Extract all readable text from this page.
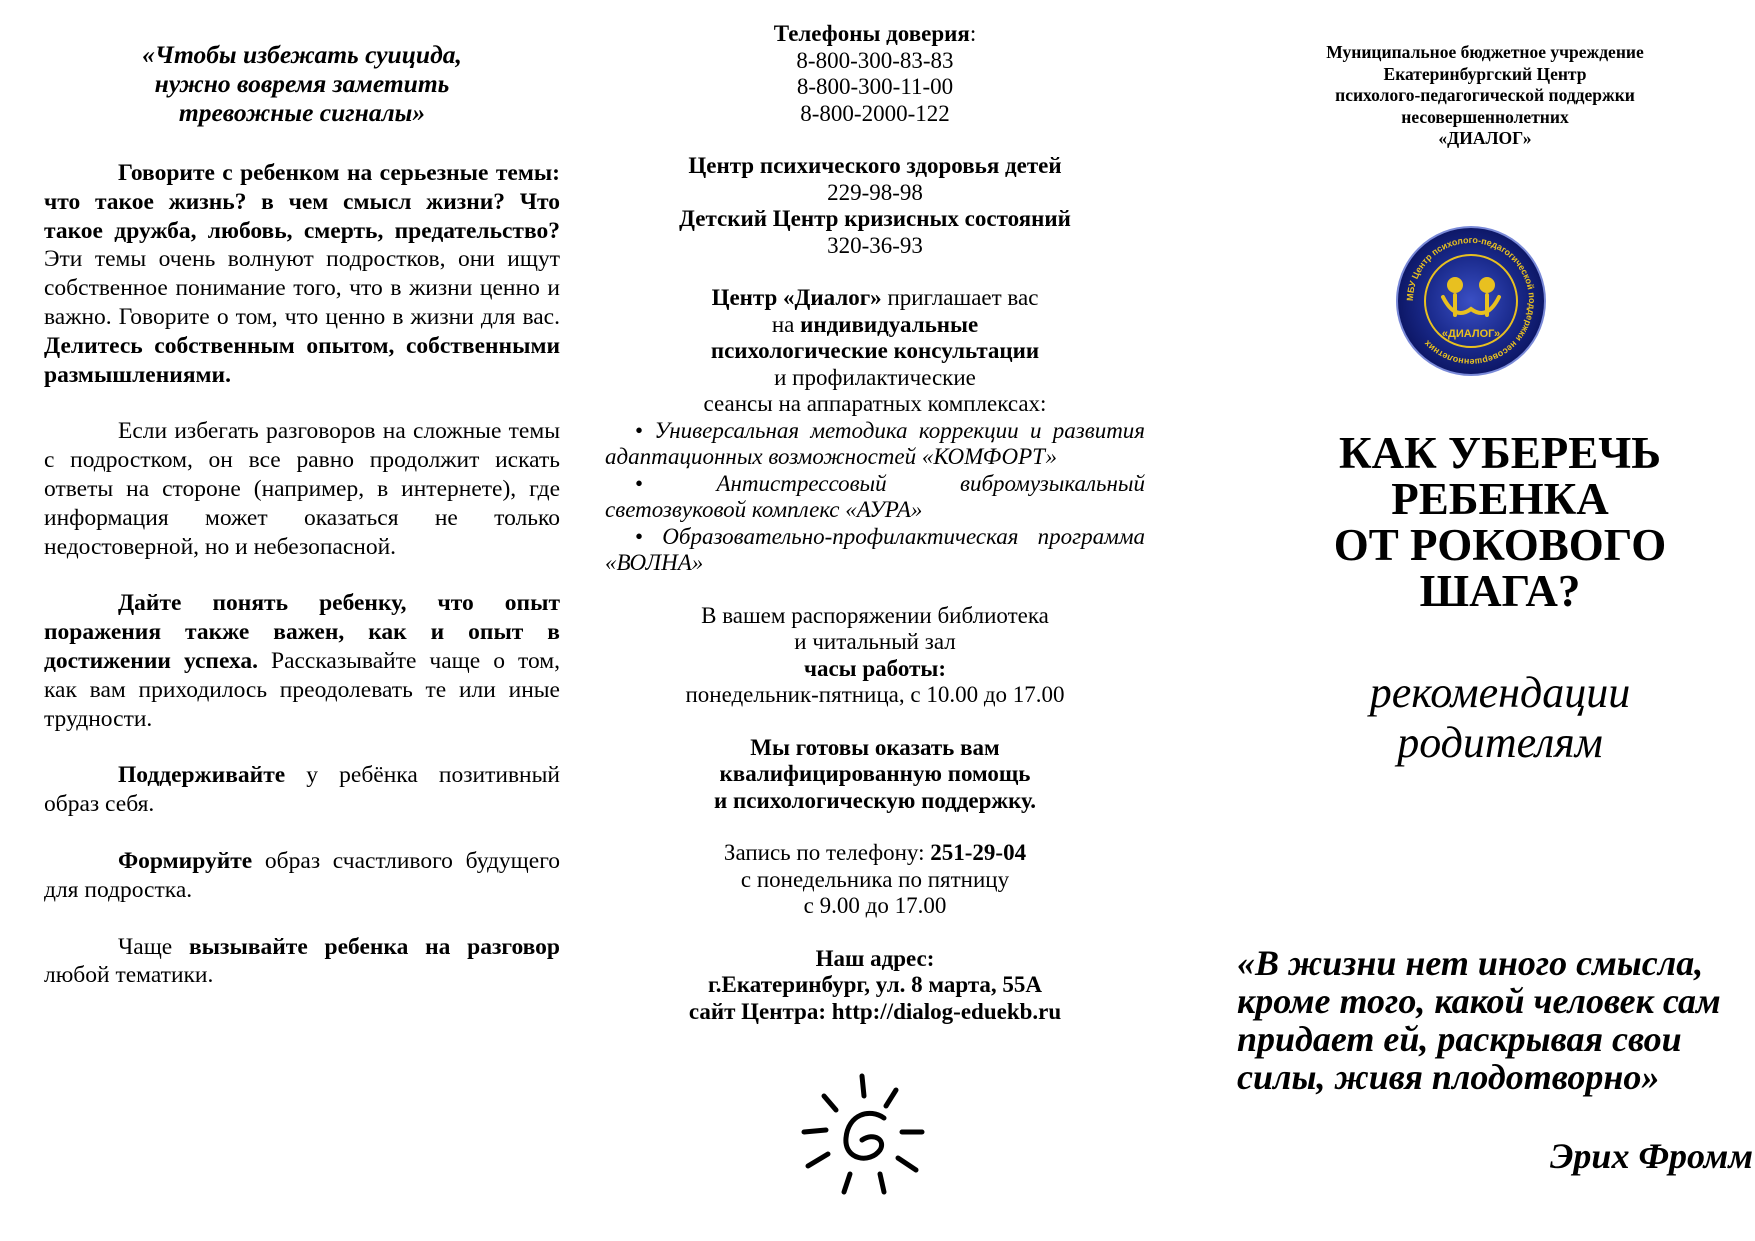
«Чтобы избежать суицида,
нужно вовремя заметить
тревожные сигналы»

Говорите с ребенком на серьезные темы: что такое жизнь? в чем смысл жизни? Что такое дружба, любовь, смерть, предательство? Эти темы очень волнуют подростков, они ищут собственное понимание того, что в жизни ценно и важно. Говорите о том, что ценно в жизни для вас. Делитесь собственным опытом, собственными размышлениями.

Если избегать разговоров на сложные темы с подростком, он все равно продолжит искать ответы на стороне (например, в интернете), где информация может оказаться не только недостоверной, но и небезопасной.

Дайте понять ребенку, что опыт поражения также важен, как и опыт в достижении успеха. Рассказывайте чаще о том, как вам приходилось преодолевать те или иные трудности.

Поддерживайте у ребёнка позитивный образ себя.

Формируйте образ счастливого будущего для подростка.

Чаще вызывайте ребенка на разговор любой тематики.

Телефоны доверия:

8-800-300-83-83

8-800-300-11-00

8-800-2000-122

Центр психического здоровья детей

229-98-98

Детский Центр кризисных состояний

320-36-93

Центр «Диалог» приглашает вас

на индивидуальные

психологические консультации

и профилактические

сеансы на аппаратных комплексах:

• Универсальная методика коррекции и развития адаптационных возможностей «КОМФОРТ»
•	Антистрессовый вибромузыкальный светозвуковой комплекс «АУРА»
• Образовательно-профилактическая программа «ВОЛНА»

В вашем распоряжении библиотека

и читальный зал

часы работы:

понедельник-пятница, с 10.00 до 17.00

Мы готовы оказать вам

квалифицированную помощь

и психологическую поддержку.

Запись по телефону: 251-29-04

с понедельника по пятницу

с 9.00 до 17.00

Наш адрес:

г.Екатеринбург, ул. 8 марта, 55А

сайт Центра: http://dialog-eduekb.ru

Муниципальное бюджетное учреждение
Екатеринбургский Центр
психолого-педагогической поддержки
несовершеннолетних
«ДИАЛОГ»
МБУ Центр психолого-педагогической поддержки несовершеннолетних
«ДИАЛОГ»
КАК УБЕРЕЧЬ
РЕБЕНКА
ОТ РОКОВОГО
ШАГА?
рекомендации
родителям
«В жизни нет иного смысла,
кроме того, какой человек сам
придает ей, раскрывая свои
силы, живя плодотворно»
Эрих Фромм
